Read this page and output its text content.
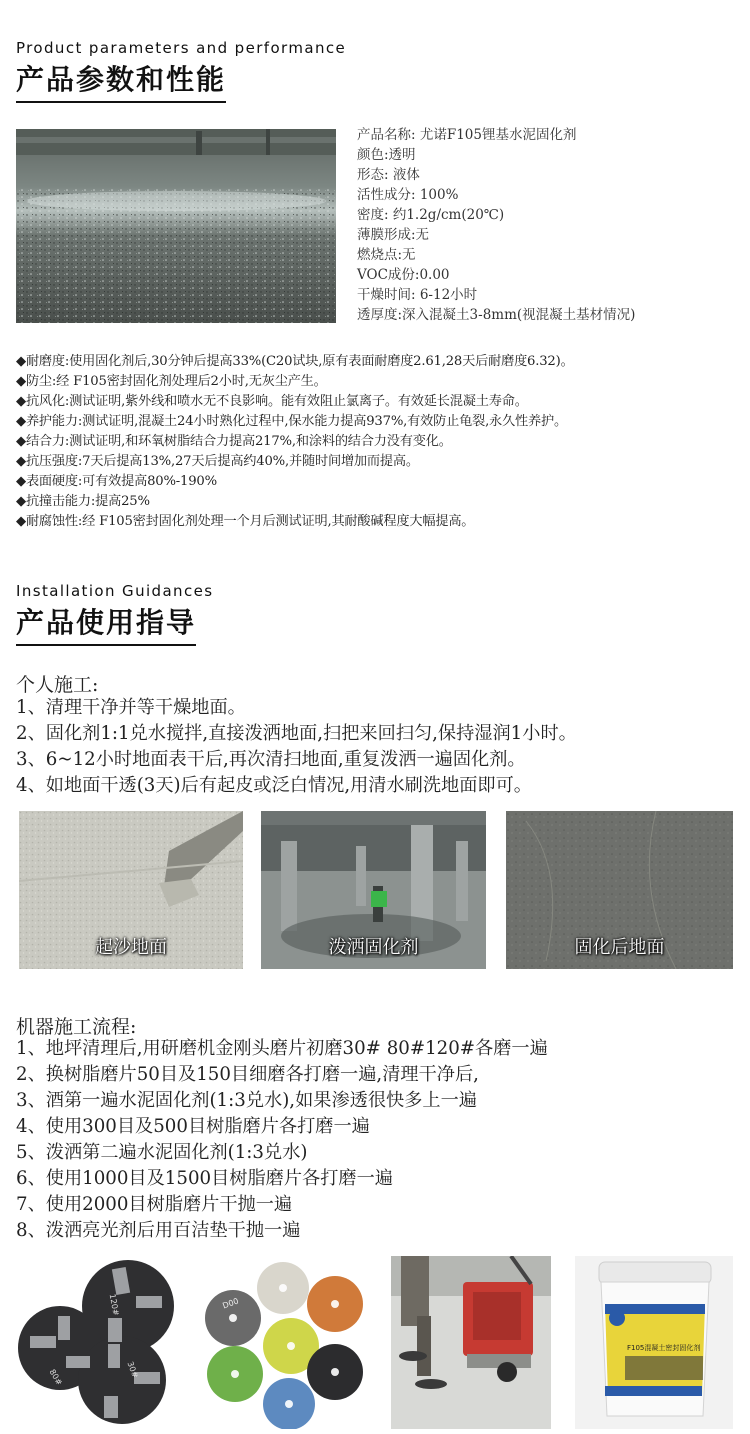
Product parameters and performance
产品参数和性能
产品名称: 尤诺F105锂基水泥固化剂
颜色:透明
形态: 液体
活性成分: 100%
密度: 约1.2g/cm(20℃)
薄膜形成:无
燃烧点:无
VOC成份:0.00
干燥时间: 6-12小时
透厚度:深入混凝土3-8mm(视混凝土基材情况)
◆耐磨度:使用固化剂后,30分钟后提高33%(C20试块,原有表面耐磨度2.61,28天后耐磨度6.32)。
◆防尘:经 F105密封固化剂处理后2小时,无灰尘产生。
◆抗风化:测试证明,紫外线和喷水无不良影响。能有效阻止氯离子。有效延长混凝土寿命。
◆养护能力:测试证明,混凝土24小时熟化过程中,保水能力提高937%,有效防止龟裂,永久性养护。
◆结合力:测试证明,和环氧树脂结合力提高217%,和涂料的结合力没有变化。
◆抗压强度:7天后提高13%,27天后提高约40%,并随时间增加而提高。
◆表面硬度:可有效提高80%-190%
◆抗撞击能力:提高25%
◆耐腐蚀性:经 F105密封固化剂处理一个月后测试证明,其耐酸碱程度大幅提高。
Installation Guidances
产品使用指导
个人施工:
1、清理干净并等干燥地面。
2、固化剂1:1兑水搅拌,直接泼洒地面,扫把来回扫匀,保持湿润1小时。
3、6~12小时地面表干后,再次清扫地面,重复泼洒一遍固化剂。
4、如地面干透(3天)后有起皮或泛白情况,用清水刷洗地面即可。
起沙地面	泼洒固化剂	固化后地面
机器施工流程:
1、地坪清理后,用研磨机金刚头磨片初磨30# 80#120#各磨一遍
2、换树脂磨片50目及150目细磨各打磨一遍,清理干净后,
3、酒第一遍水泥固化剂(1:3兑水),如果渗透很快多上一遍
4、使用300目及500目树脂磨片各打磨一遍
5、泼洒第二遍水泥固化剂(1:3兑水)
6、使用1000目及1500目树脂磨片各打磨一遍
7、使用2000目树脂磨片干抛一遍
8、泼洒亮光剂后用百洁垫干抛一遍
120#
80#	30#
D00
F105混凝土密封固化剂
